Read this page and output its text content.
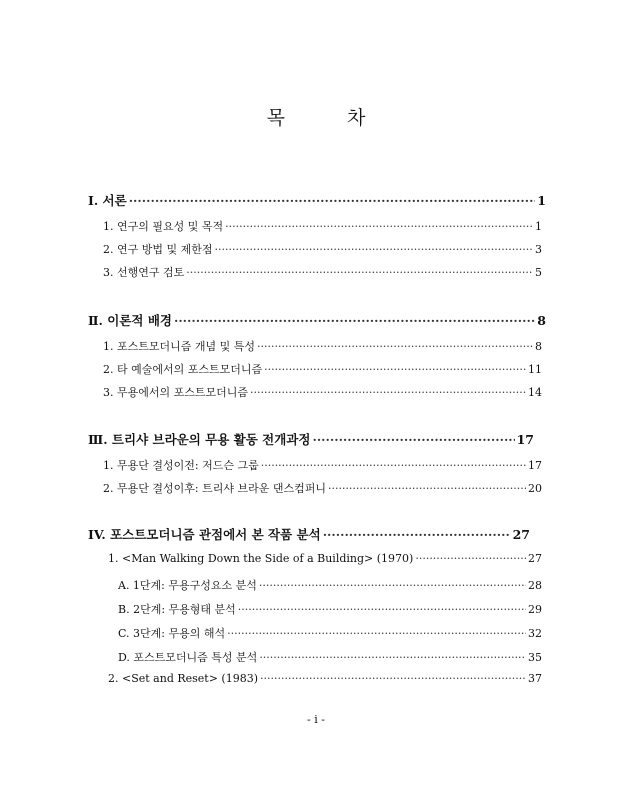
목	차
Ⅰ. 서론 ·····	1
1. 연구의 필요성 및 목적 ·····	1
2. 연구 방법 및 제한점 ·····	3
3. 선행연구 검토 ·····	5
Ⅱ. 이론적 배경 ·····	8
1. 포스트모더니즘 개념 및 특성 ·····	8
2. 타 예술에서의 포스트모더니즘 ·····	11
3. 무용에서의 포스트모더니즘 ·····	14
Ⅲ. 트리샤 브라운의 무용 활동 전개과정 ·····	17
1. 무용단 결성이전: 저드슨 그룹 ·····	17
2. 무용단 결성이후: 트리샤 브라운 댄스컴퍼니 ·····	20
IV. 포스트모더니즘 관점에서 본 작품 분석 ·····	27
1. <Man Walking Down the Side of a Building> (1970) ·····	27
A. 1단계: 무용구성요소 분석 ·····	28
B. 2단계: 무용형태 분석 ·····	29
C. 3단계: 무용의 해석 ·····	32
D. 포스트모더니즘 특성 분석 ·····	35
2. <Set and Reset> (1983) ·····	37
- i -
